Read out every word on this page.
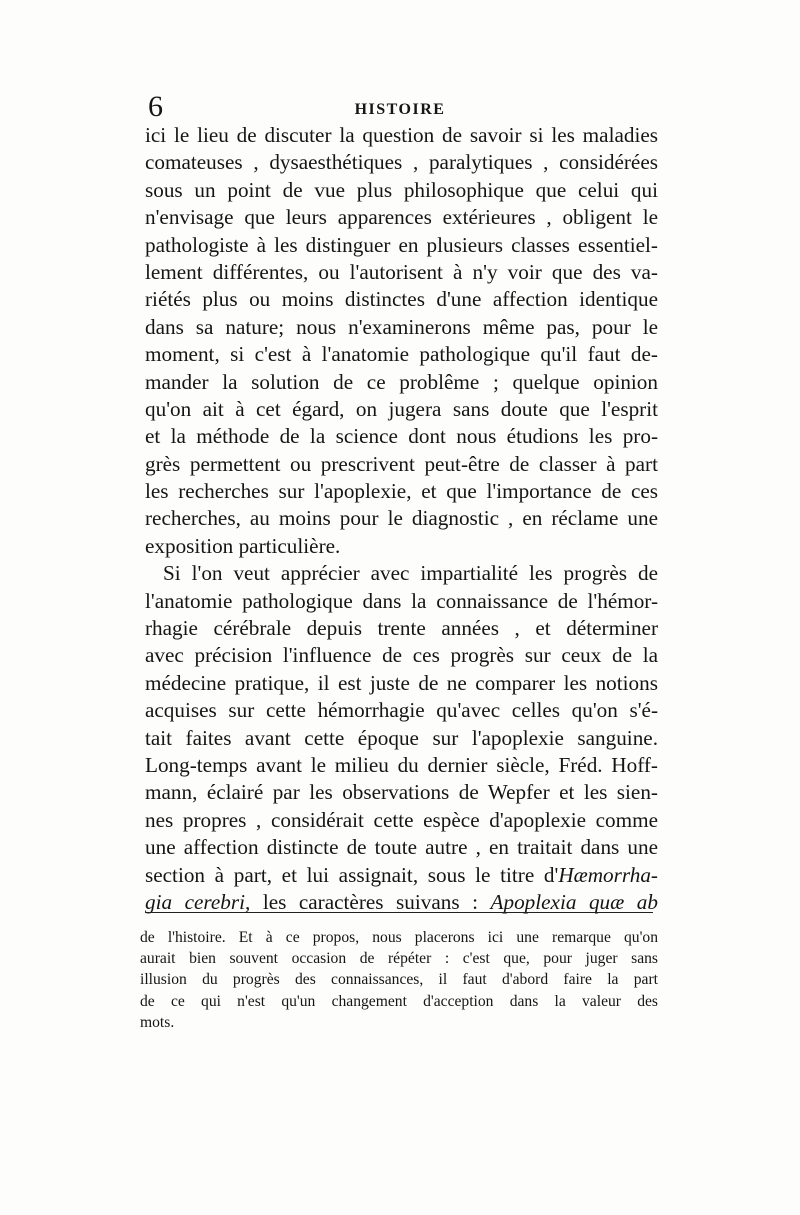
6	HISTOIRE
ici le lieu de discuter la question de savoir si les maladies
comateuses , dysaesthétiques , paralytiques , considérées
sous un point de vue plus philosophique que celui qui
n'envisage que leurs apparences extérieures , obligent le
pathologiste à les distinguer en plusieurs classes essentiel-
lement différentes, ou l'autorisent à n'y voir que des va-
riétés plus ou moins distinctes d'une affection identique
dans sa nature; nous n'examinerons même pas, pour le
moment, si c'est à l'anatomie pathologique qu'il faut de-
mander la solution de ce problême ; quelque opinion
qu'on ait à cet égard, on jugera sans doute que l'esprit
et la méthode de la science dont nous étudions les pro-
grès permettent ou prescrivent peut-être de classer à part
les recherches sur l'apoplexie, et que l'importance de ces
recherches, au moins pour le diagnostic , en réclame une
exposition particulière.
Si l'on veut apprécier avec impartialité les progrès de
l'anatomie pathologique dans la connaissance de l'hémor-
rhagie cérébrale depuis trente années , et déterminer
avec précision l'influence de ces progrès sur ceux de la
médecine pratique, il est juste de ne comparer les notions
acquises sur cette hémorrhagie qu'avec celles qu'on s'é-
tait faites avant cette époque sur l'apoplexie sanguine.
Long-temps avant le milieu du dernier siècle, Fréd. Hoff-
mann, éclairé par les observations de Wepfer et les sien-
nes propres , considérait cette espèce d'apoplexie comme
une affection distincte de toute autre , en traitait dans une
section à part, et lui assignait, sous le titre d'Hæmorrha-
gia cerebri, les caractères suivans : Apoplexia quæ ab
de l'histoire. Et à ce propos, nous placerons ici une remarque qu'on
aurait bien souvent occasion de répéter : c'est que, pour juger sans
illusion du progrès des connaissances, il faut d'abord faire la part
de ce qui n'est qu'un changement d'acception dans la valeur des
mots.
